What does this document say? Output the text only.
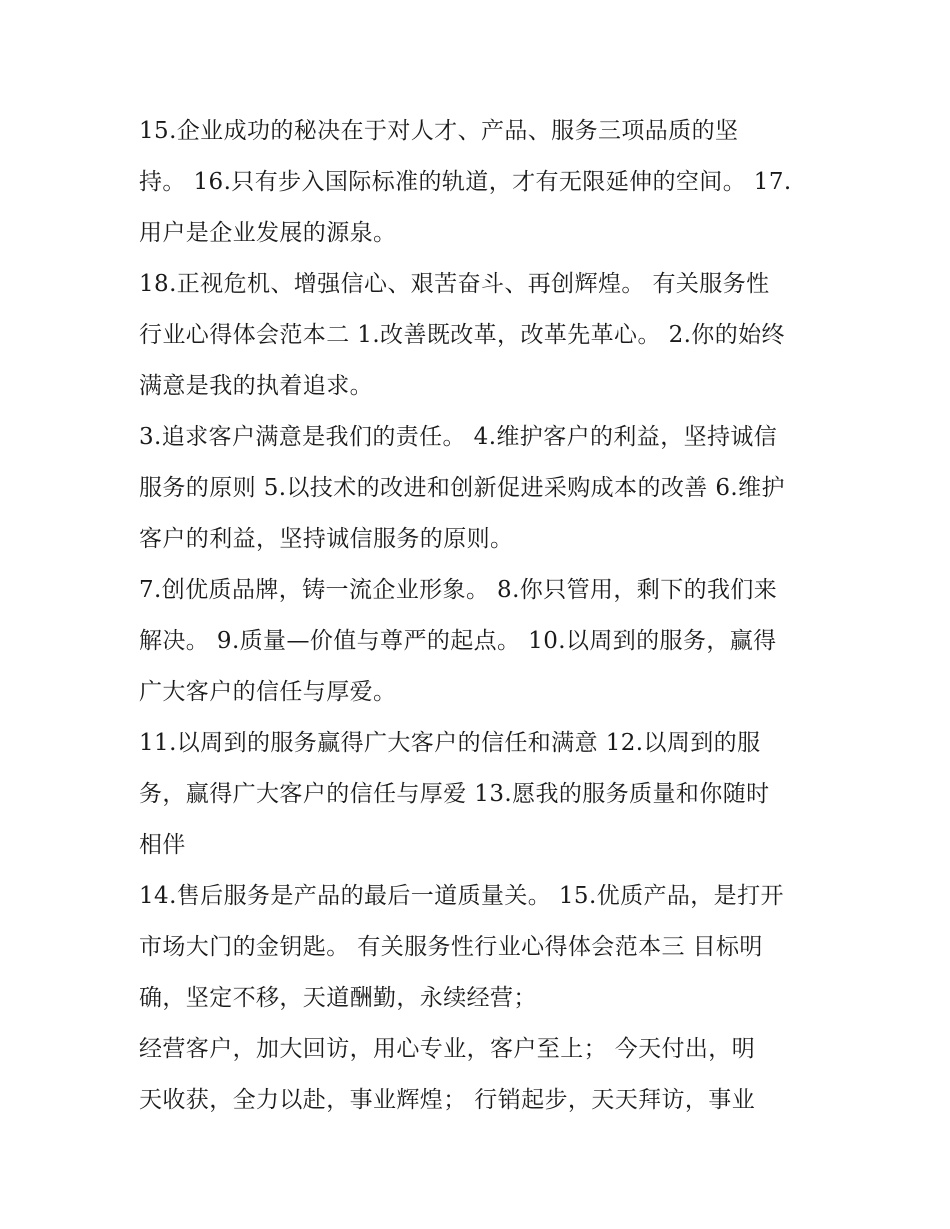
15.企业成功的秘决在于对人才、产品、服务三项品质的坚
持。 16.只有步入国际标准的轨道，才有无限延伸的空间。 17.
用户是企业发展的源泉。
18.正视危机、增强信心、艰苦奋斗、再创辉煌。 有关服务性
行业心得体会范本二 1.改善既改革，改革先革心。 2.你的始终
满意是我的执着追求。
3.追求客户满意是我们的责任。 4.维护客户的利益，坚持诚信
服务的原则 5.以技术的改进和创新促进采购成本的改善 6.维护
客户的利益，坚持诚信服务的原则。
7.创优质品牌，铸一流企业形象。 8.你只管用，剩下的我们来
解决。 9.质量—价值与尊严的起点。 10.以周到的服务，赢得
广大客户的信任与厚爱。
11.以周到的服务赢得广大客户的信任和满意 12.以周到的服
务，赢得广大客户的信任与厚爱 13.愿我的服务质量和你随时
相伴
14.售后服务是产品的最后一道质量关。 15.优质产品，是打开
市场大门的金钥匙。 有关服务性行业心得体会范本三 目标明
确，坚定不移，天道酬勤，永续经营；
经营客户，加大回访，用心专业，客户至上； 今天付出，明
天收获，全力以赴，事业辉煌； 行销起步，天天拜访，事业
